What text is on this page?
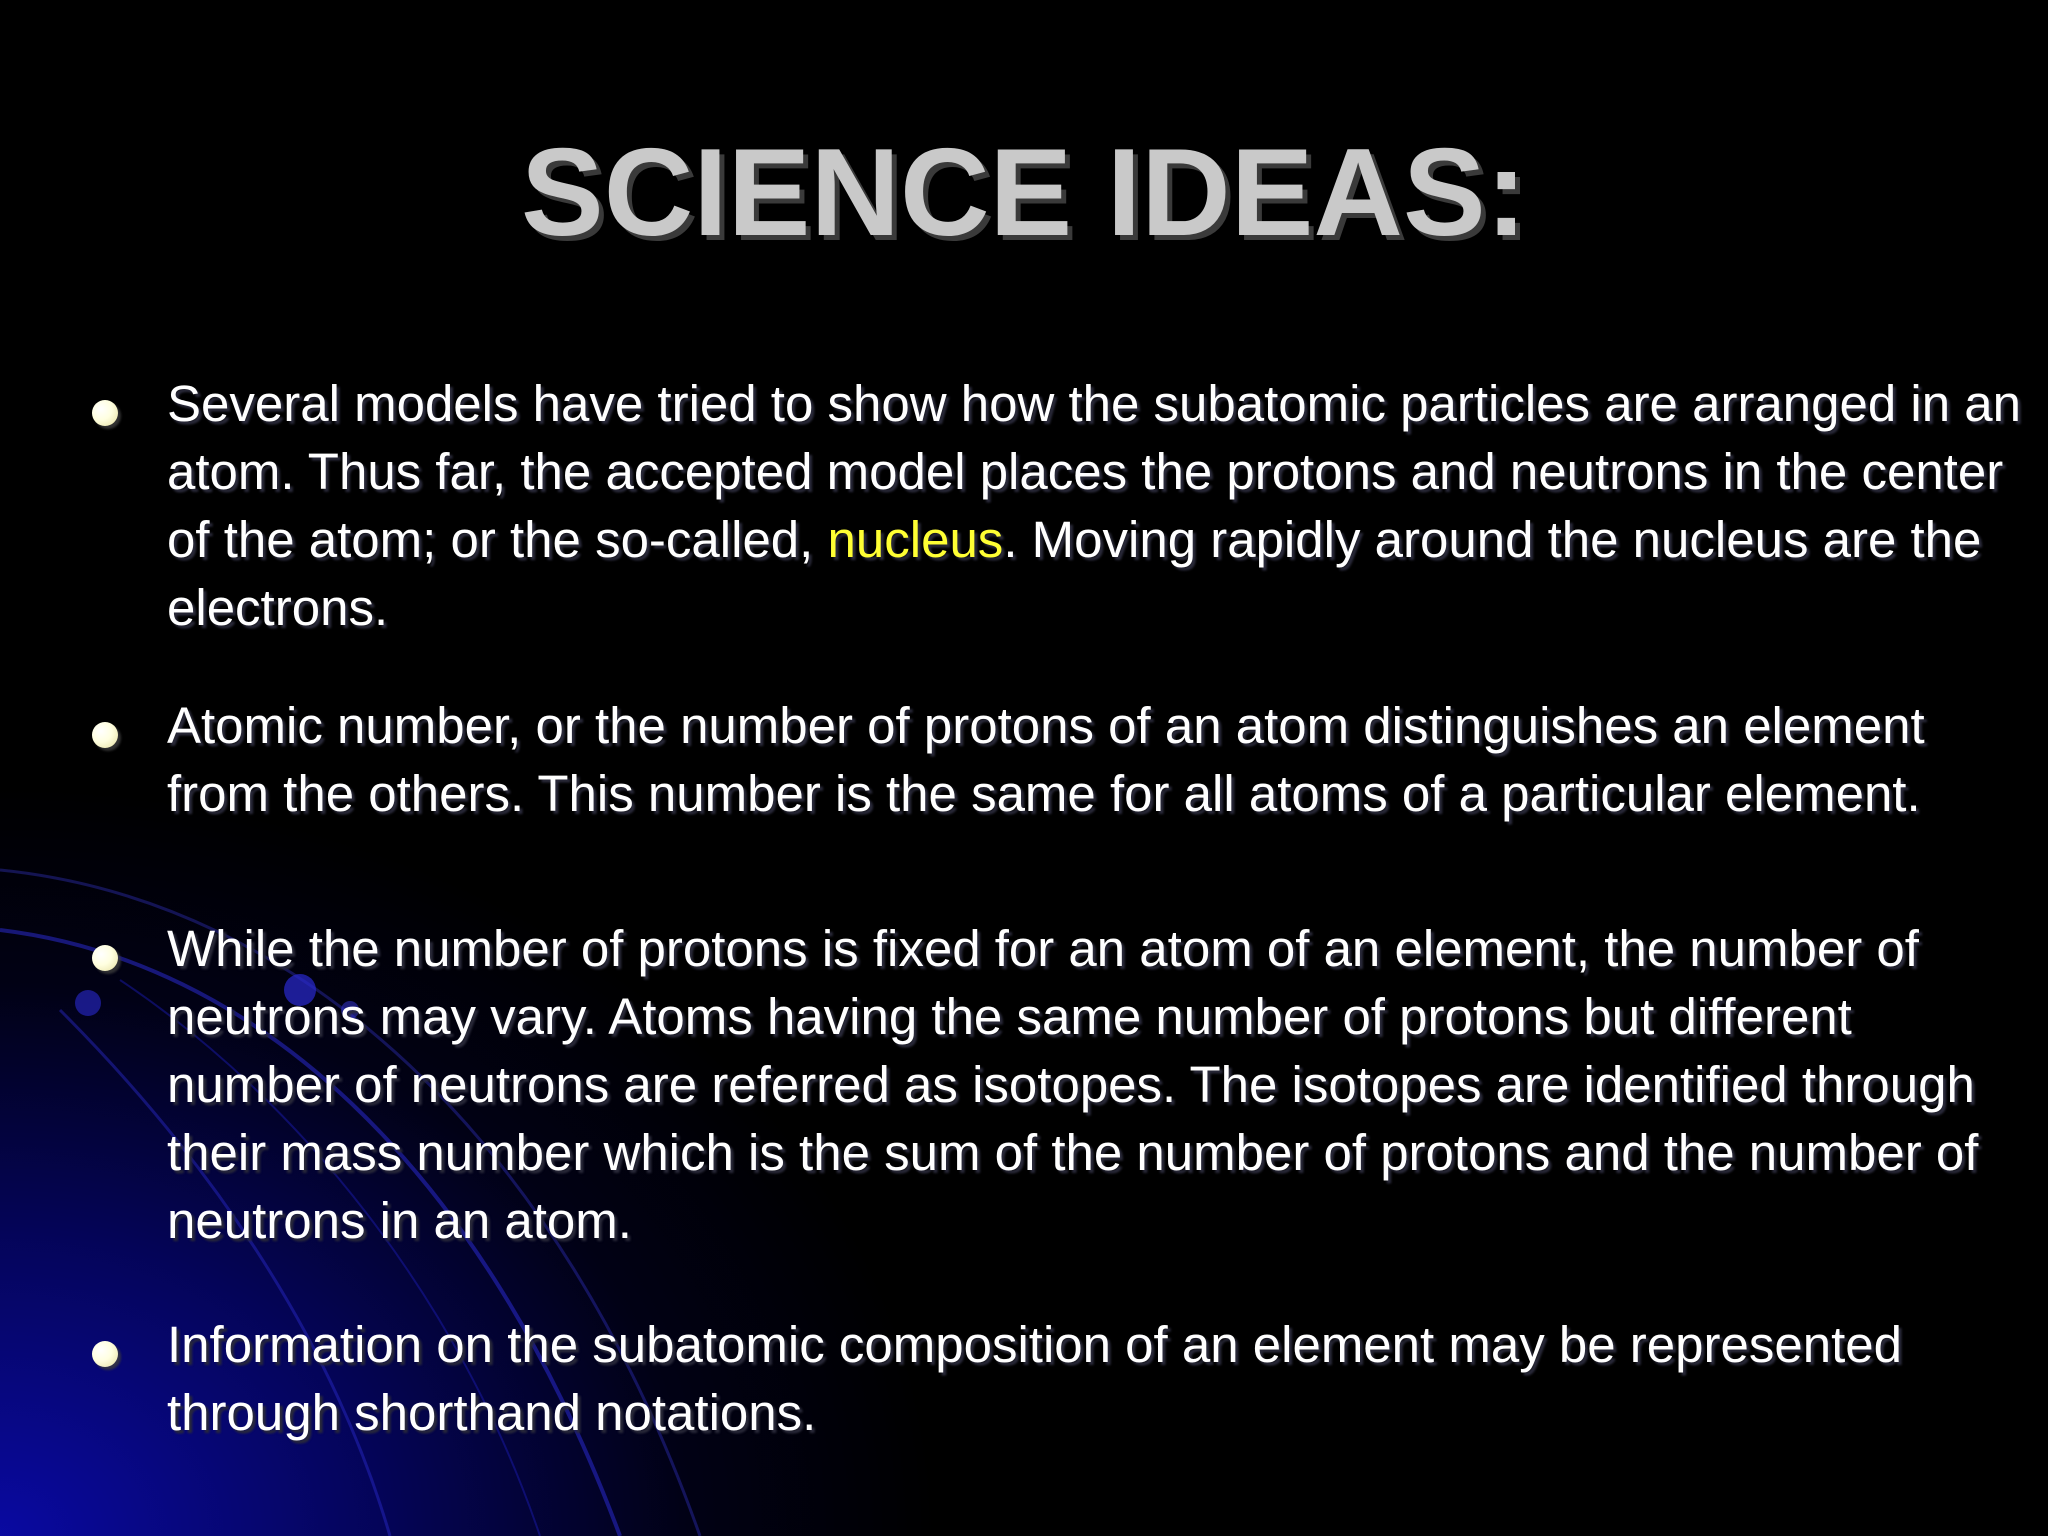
SCIENCE IDEAS:

Several models have tried to show how the subatomic particles are arranged in an atom. Thus far, the accepted model places the protons and neutrons in the center of the atom; or the so-called, nucleus. Moving rapidly around the nucleus are the electrons.

Atomic number, or the number of protons of an atom distinguishes an element from the others. This number is the same for all atoms of a particular element.

While the number of protons is fixed for an atom of an element, the number of neutrons may vary. Atoms having the same number of protons but different number of neutrons are referred as isotopes. The isotopes are identified through their mass number which is the sum of the number of protons and the number of neutrons in an atom.

Information on the subatomic composition of an element may be represented through shorthand notations.
